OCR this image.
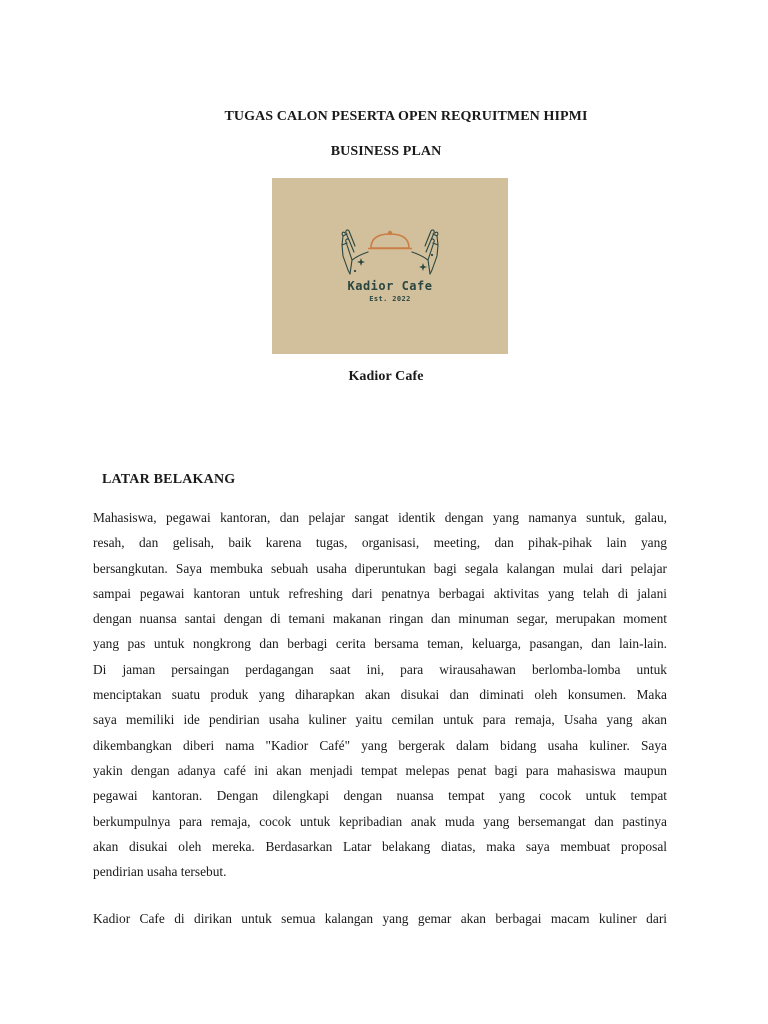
TUGAS CALON PESERTA OPEN REQRUITMEN HIPMI
BUSINESS PLAN
Kadior Cafe
Est. 2022
Kadior Cafe
LATAR BELAKANG
Mahasiswa, pegawai kantoran, dan pelajar sangat identik dengan yang namanya suntuk, galau,
resah, dan gelisah, baik karena tugas, organisasi, meeting, dan pihak-pihak lain yang
bersangkutan. Saya membuka sebuah usaha diperuntukan bagi segala kalangan mulai dari pelajar
sampai pegawai kantoran untuk refreshing dari penatnya berbagai aktivitas yang telah di jalani
dengan nuansa santai dengan di temani makanan ringan dan minuman segar, merupakan moment
yang pas untuk nongkrong dan berbagi cerita bersama teman, keluarga, pasangan, dan lain-lain.
Di jaman persaingan perdagangan saat ini, para wirausahawan berlomba-lomba untuk
menciptakan suatu produk yang diharapkan akan disukai dan diminati oleh konsumen. Maka
saya memiliki ide pendirian usaha kuliner yaitu cemilan untuk para remaja, Usaha yang akan
dikembangkan diberi nama "Kadior Café" yang bergerak dalam bidang usaha kuliner. Saya
yakin dengan adanya café ini akan menjadi tempat melepas penat bagi para mahasiswa maupun
pegawai kantoran. Dengan dilengkapi dengan nuansa tempat yang cocok untuk tempat
berkumpulnya para remaja, cocok untuk kepribadian anak muda yang bersemangat dan pastinya
akan disukai oleh mereka. Berdasarkan Latar belakang diatas, maka saya membuat proposal
pendirian usaha tersebut.
Kadior Cafe di dirikan untuk semua kalangan yang gemar akan berbagai macam kuliner dari
